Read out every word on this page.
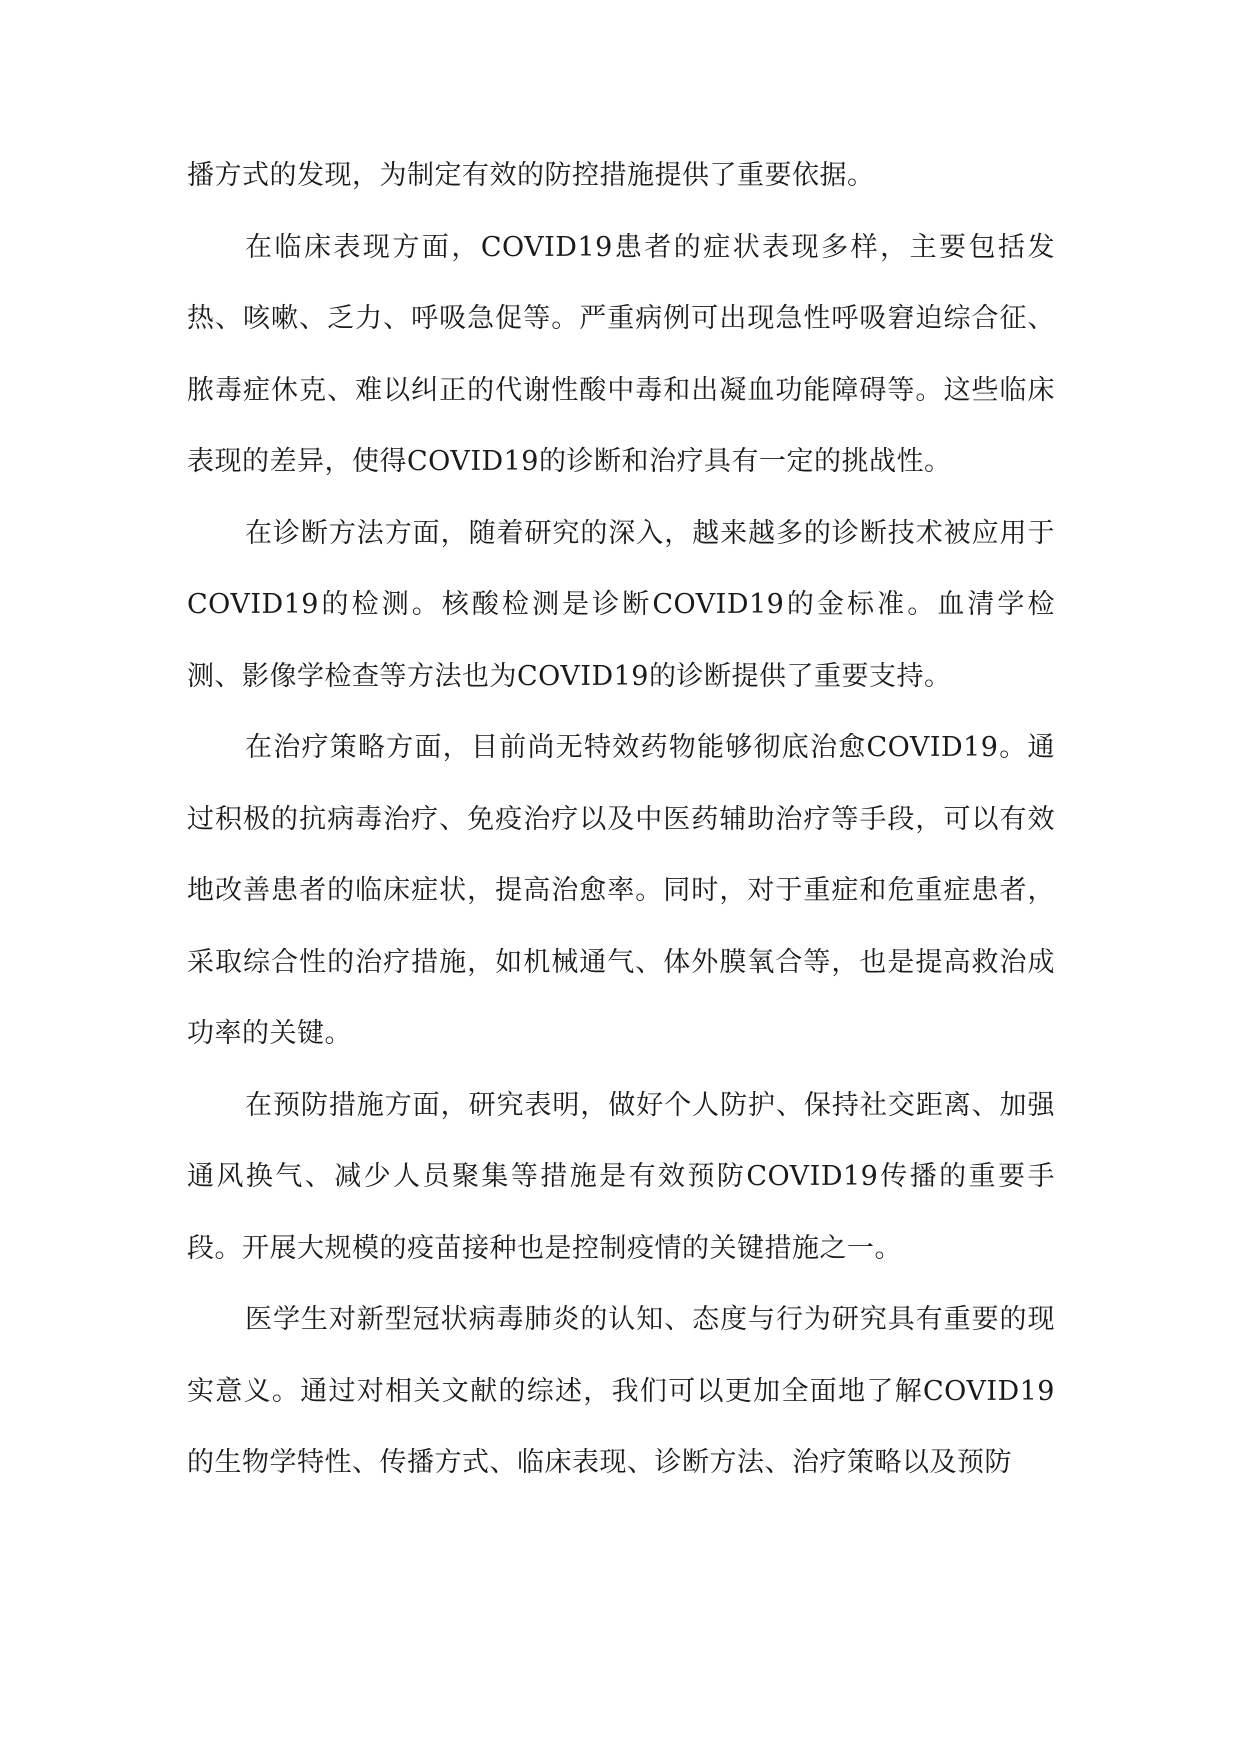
播方式的发现，为制定有效的防控措施提供了重要依据。

在临床表现方面，COVID19患者的症状表现多样，主要包括发热、咳嗽、乏力、呼吸急促等。严重病例可出现急性呼吸窘迫综合征、脓毒症休克、难以纠正的代谢性酸中毒和出凝血功能障碍等。这些临床表现的差异，使得COVID19的诊断和治疗具有一定的挑战性。

在诊断方法方面，随着研究的深入，越来越多的诊断技术被应用于COVID19的检测。核酸检测是诊断COVID19的金标准。血清学检测、影像学检查等方法也为COVID19的诊断提供了重要支持。

在治疗策略方面，目前尚无特效药物能够彻底治愈COVID19。通过积极的抗病毒治疗、免疫治疗以及中医药辅助治疗等手段，可以有效地改善患者的临床症状，提高治愈率。同时，对于重症和危重症患者，采取综合性的治疗措施，如机械通气、体外膜氧合等，也是提高救治成功率的关键。

在预防措施方面，研究表明，做好个人防护、保持社交距离、加强通风换气、减少人员聚集等措施是有效预防COVID19传播的重要手段。开展大规模的疫苗接种也是控制疫情的关键措施之一。

医学生对新型冠状病毒肺炎的认知、态度与行为研究具有重要的现实意义。通过对相关文献的综述，我们可以更加全面地了解COVID19的生物学特性、传播方式、临床表现、诊断方法、治疗策略以及预防
